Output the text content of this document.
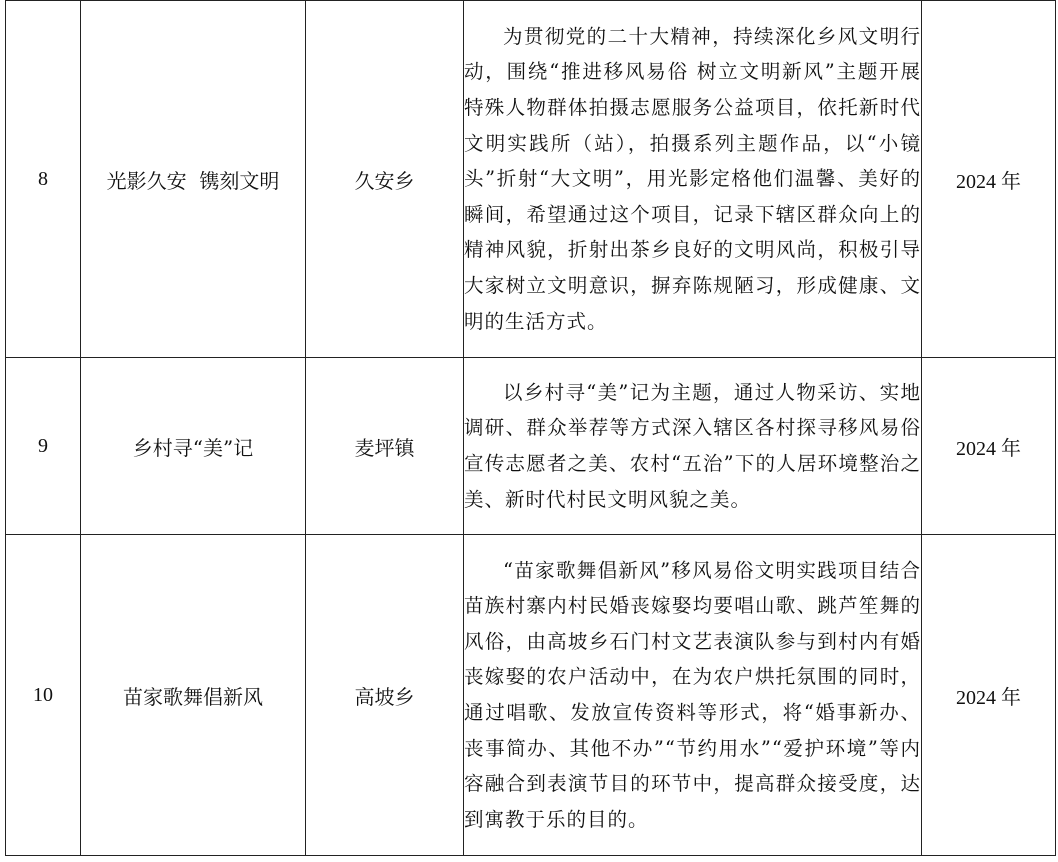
8	光影久安  镌刻文明	久安乡	为贯彻党的二十大精神，持续深化乡风文明行动，围绕“推进移风易俗 树立文明新风”主题开展特殊人物群体拍摄志愿服务公益项目，依托新时代文明实践所（站），拍摄系列主题作品，以“小镜头”折射“大文明”，用光影定格他们温馨、美好的瞬间，希望通过这个项目，记录下辖区群众向上的精神风貌，折射出茶乡良好的文明风尚，积极引导大家树立文明意识，摒弃陈规陋习，形成健康、文明的生活方式。	2024 年
9	乡村寻“美”记	麦坪镇	以乡村寻“美”记为主题，通过人物采访、实地调研、群众举荐等方式深入辖区各村探寻移风易俗宣传志愿者之美、农村“五治”下的人居环境整治之美、新时代村民文明风貌之美。	2024 年
10	苗家歌舞倡新风	高坡乡	“苗家歌舞倡新风”移风易俗文明实践项目结合苗族村寨内村民婚丧嫁娶均要唱山歌、跳芦笙舞的风俗，由高坡乡石门村文艺表演队参与到村内有婚丧嫁娶的农户活动中，在为农户烘托氛围的同时，通过唱歌、发放宣传资料等形式，将“婚事新办、丧事简办、其他不办”“节约用水”“爱护环境”等内容融合到表演节目的环节中，提高群众接受度，达到寓教于乐的目的。	2024 年
